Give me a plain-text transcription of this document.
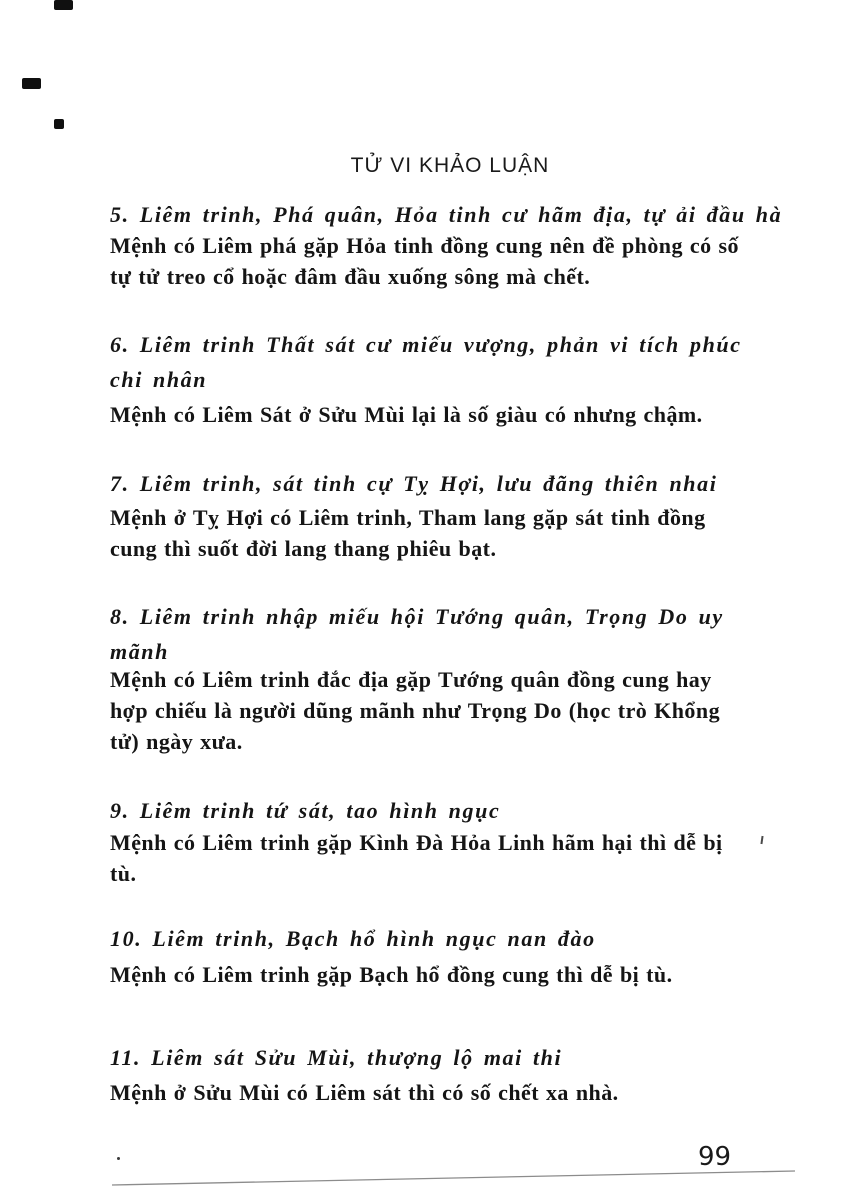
TỬ VI KHẢO LUẬN
5. Liêm trinh, Phá quân, Hỏa tinh cư hãm địa, tự ải đầu hà
Mệnh có Liêm phá gặp Hỏa tinh đồng cung nên đề phòng có số
tự tử treo cổ hoặc đâm đầu xuống sông mà chết.
6. Liêm trinh Thất sát cư miếu vượng, phản vi tích phúc
chi nhân
Mệnh có Liêm Sát ở Sửu Mùi lại là số giàu có nhưng chậm.
7. Liêm trinh, sát tinh cự Tỵ Hợi, lưu đãng thiên nhai
Mệnh ở Tỵ Hợi có Liêm trinh, Tham lang gặp sát tinh đồng
cung thì suốt đời lang thang phiêu bạt.
8. Liêm trinh nhập miếu hội Tướng quân, Trọng Do uy
mãnh
Mệnh có Liêm trinh đắc địa gặp Tướng quân đồng cung hay
hợp chiếu là người dũng mãnh như Trọng Do (học trò Khổng
tử) ngày xưa.
9. Liêm trinh tứ sát, tao hình ngục
Mệnh có Liêm trinh gặp Kình Đà Hỏa Linh hãm hại thì dễ bị
tù.
10. Liêm trinh, Bạch hổ hình ngục nan đào
Mệnh có Liêm trinh gặp Bạch hổ đồng cung thì dễ bị tù.
11. Liêm sát Sửu Mùi, thượng lộ mai thi
Mệnh ở Sửu Mùi có Liêm sát thì có số chết xa nhà.
99
